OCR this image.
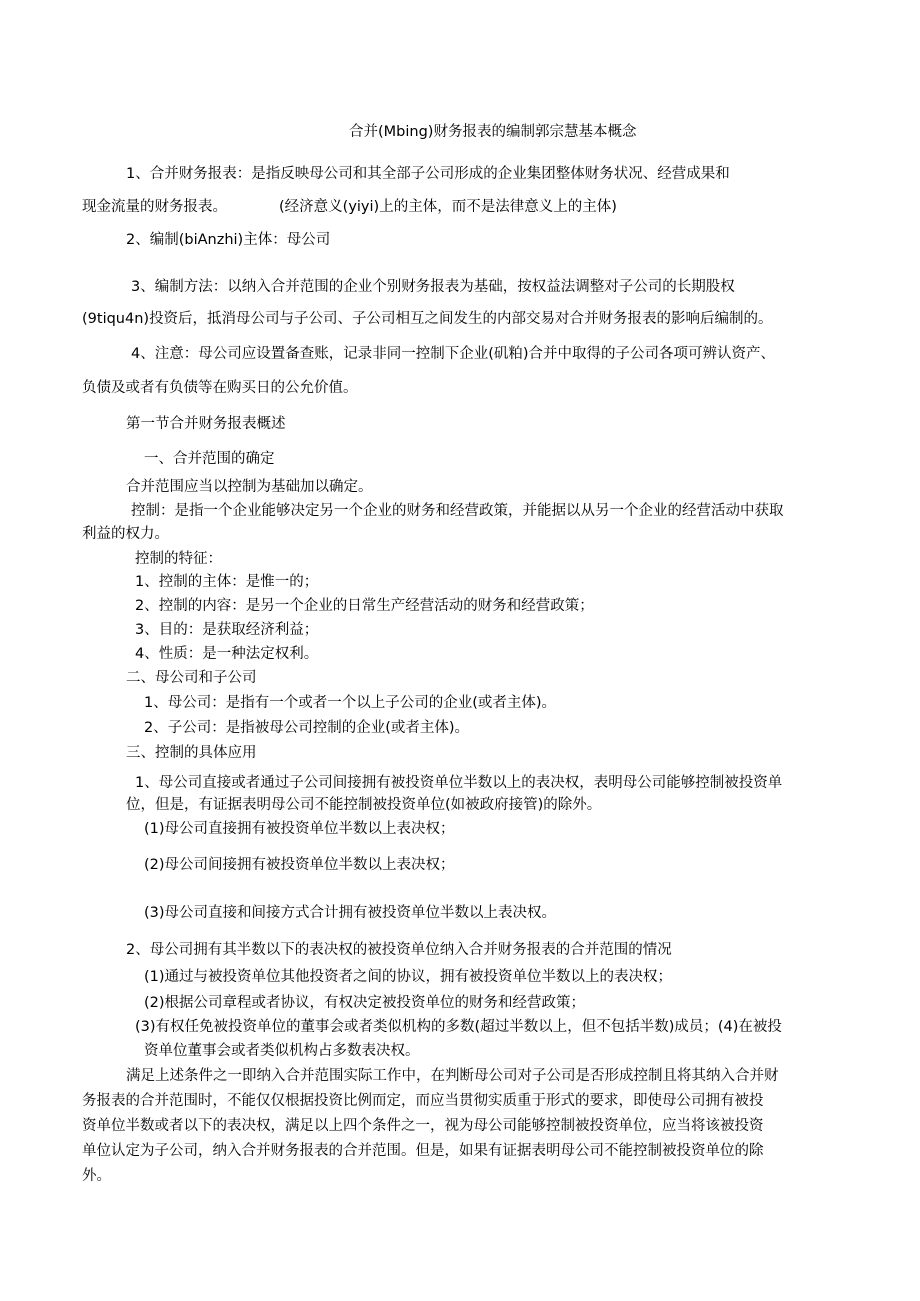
合并(Mbing)财务报表的编制郭宗慧基本概念
1、合并财务报表：是指反映母公司和其全部子公司形成的企业集团整体财务状况、经营成果和
现金流量的财务报表。	(经济意义(yiyi)上的主体，而不是法律意义上的主体)
2、编制(biAnzhi)主体：母公司
3、编制方法：以纳入合并范围的企业个别财务报表为基础，按权益法调整对子公司的长期股权
(9tiqu4n)投资后，抵消母公司与子公司、子公司相互之间发生的内部交易对合并财务报表的影响后编制的。
4、注意：母公司应设置备查账，记录非同一控制下企业(矶粕)合并中取得的子公司各项可辨认资产、
负债及或者有负债等在购买日的公允价值。
第一节合并财务报表概述
一、合并范围的确定
合并范围应当以控制为基础加以确定。
控制：是指一个企业能够决定另一个企业的财务和经营政策，并能据以从另一个企业的经营活动中获取
利益的权力。
控制的特征：
1、控制的主体：是惟一的；
2、控制的内容：是另一个企业的日常生产经营活动的财务和经营政策；
3、目的：是获取经济利益；
4、性质：是一种法定权利。
二、母公司和子公司
1、母公司：是指有一个或者一个以上子公司的企业(或者主体)。
2、子公司：是指被母公司控制的企业(或者主体)。
三、控制的具体应用
1、母公司直接或者通过子公司间接拥有被投资单位半数以上的表决权，表明母公司能够控制被投资单
位，但是，有证据表明母公司不能控制被投资单位(如被政府接管)的除外。
(1)母公司直接拥有被投资单位半数以上表决权；
(2)母公司间接拥有被投资单位半数以上表决权；
(3)母公司直接和间接方式合计拥有被投资单位半数以上表决权。
2、母公司拥有其半数以下的表决权的被投资单位纳入合并财务报表的合并范围的情况
(1)通过与被投资单位其他投资者之间的协议，拥有被投资单位半数以上的表决权；
(2)根据公司章程或者协议，有权决定被投资单位的财务和经营政策；
(3)有权任免被投资单位的董事会或者类似机构的多数(超过半数以上，但不包括半数)成员；(4)在被投
资单位董事会或者类似机构占多数表决权。
满足上述条件之一即纳入合并范围实际工作中，在判断母公司对子公司是否形成控制且将其纳入合并财
务报表的合并范围时，不能仅仅根据投资比例而定，而应当贯彻实质重于形式的要求，即使母公司拥有被投
资单位半数或者以下的表决权，满足以上四个条件之一，视为母公司能够控制被投资单位，应当将该被投资
单位认定为子公司，纳入合并财务报表的合并范围。但是，如果有证据表明母公司不能控制被投资单位的除
外。
